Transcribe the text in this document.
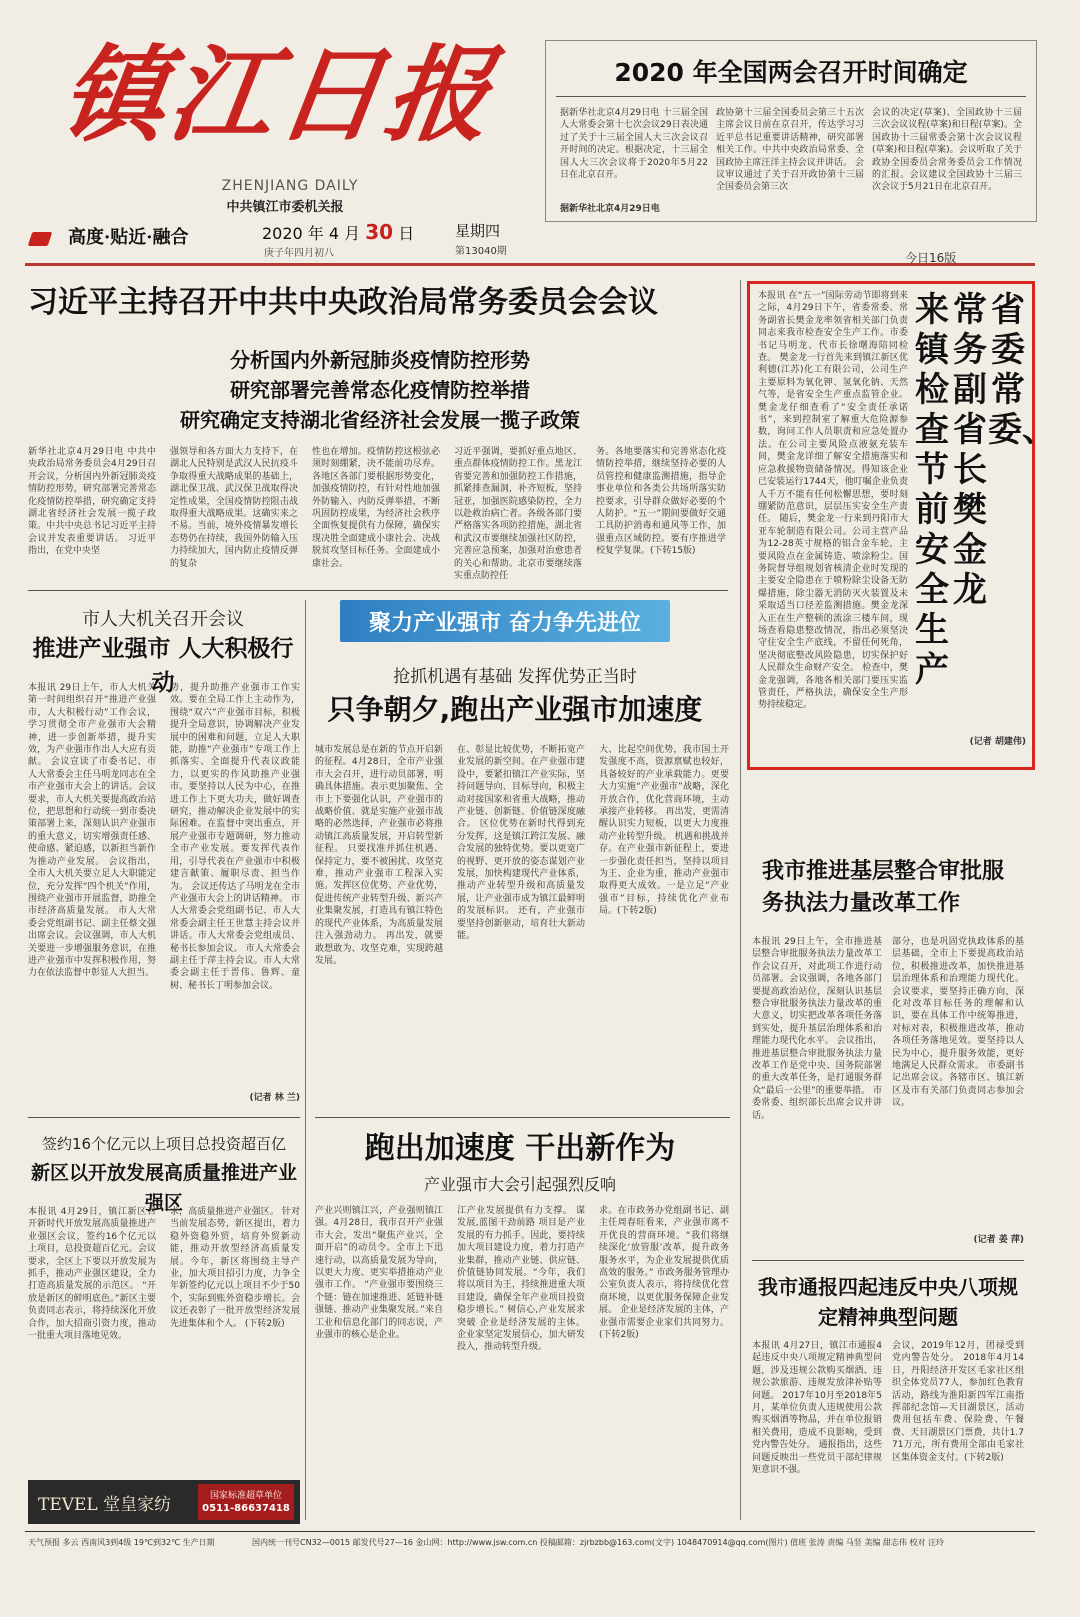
镇江日报
ZHENJIANG DAILY
中共镇江市委机关报
高度·贴近·融合	2020 年 4 月 30 日
庚子年四月初八
星期四
第13040期	今日16版
2020 年全国两会召开时间确定
据新华社北京4月29日电 十三届全国人大常委会第十七次会议29日表决通过了关于十三届全国人大三次会议召开时间的决定。根据决定，十三届全国人大三次会议将于2020年5月22日在北京召开。
据新华社北京4月29日电
政协第十三届全国委员会第三十五次主席会议日前在京召开，传达学习习近平总书记重要讲话精神，研究部署相关工作。中共中央政治局常委、全国政协主席汪洋主持会议并讲话。 会议审议通过了关于召开政协第十三届全国委员会第三次
会议的决定(草案)、全国政协十三届三次会议议程(草案)和日程(草案)。全国政协十三届常委会第十次会议议程(草案)和日程(草案)。会议听取了关于政协全国委员会常务委员会工作情况的汇报。会议建议全国政协十三届三次会议于5月21日在北京召开。
习近平主持召开中共中央政治局常务委员会会议
分析国内外新冠肺炎疫情防控形势
研究部署完善常态化疫情防控举措
研究确定支持湖北省经济社会发展一揽子政策
新华社北京4月29日电 中共中央政治局常务委员会4月29日召开会议，分析国内外新冠肺炎疫情防控形势，研究部署完善常态化疫情防控举措，研究确定支持湖北省经济社会发展一揽子政策。中共中央总书记习近平主持会议并发表重要讲话。 习近平指出，在党中央坚
强领导和各方面大力支持下，在湖北人民特别是武汉人民抗疫斗争取得重大战略成果的基础上，湖北保卫战、武汉保卫战取得决定性成果，全国疫情防控阻击战取得重大战略成果。这确实来之不易。当前，境外疫情暴发增长态势仍在持续，我国外防输入压力持续加大，国内防止疫情反弹的复杂
性也在增加。疫情防控这根弦必须时刻绷紧，决不能前功尽弃。各地区各部门要根据形势变化，加强疫情防控，有针对性地加强外防输入、内防反弹举措，不断巩固防控成果，为经济社会秩序全面恢复提供有力保障，确保实现决胜全面建成小康社会、决战脱贫攻坚目标任务。全面建成小康社会。
习近平强调，要抓好重点地区、重点群体疫情防控工作。黑龙江省要完善和加强防控工作措施，抓紧排查漏洞，补齐短板，坚持冠亚，加强医院感染防控，全力以赴救治病亡者。各级各部门要严格落实各项防控措施，湖北省和武汉市要继续加强社区防控，完善应急预案，加强对治愈患者的关心和帮助。北京市要继续落实重点防控任
务。各地要落实和完善常态化疫情防控举措，继续坚持必要的人员管控和健康监测措施，指导企事业单位和各类公共场所落实防控要求，引导群众做好必要的个人防护。“五一”期间要做好交通工具防护消毒和通风等工作，加强重点区域防控。要有序推进学校复学复课。(下转15版)
本报讯 在“五一”国际劳动节即将到来之际，4月29日下午，省委常委、常务副省长樊金龙率领省相关部门负责同志来我市检查安全生产工作。市委书记马明龙、代市长徐曙海陪同检查。 樊金龙一行首先来到镇江新区优利德(江苏)化工有限公司，公司生产主要原料为氧化钾、氢氧化钠、天然气等，是省安全生产重点监管企业。樊金龙仔细查看了“安全责任承诺书”，来到控制室了解重大危险源参数，询问工作人员职责和应急处置办法。在公司主要风险点液氨充装车间，樊金龙详细了解安全措施落实和应急救援物资储备情况。得知该企业已安装运行1744天，他叮嘱企业负责人千万不能有任何松懈思想，要时刻绷紧防范意识，层层压实安全生产责任。 随后，樊金龙一行来到丹阳市大亚车轮制造有限公司。公司主营产品为12-28英寸规格的铝合金车轮，主要风险点在金属铸造、喷涂粉尘。国务院督导组规划省核清企业时发现的主要安全隐患在于喷粉除尘设备无防爆措施，除尘器无消防灭火装置及未采取适当口径差监测措施。樊金龙深入正在生产整顿的流涂三楼车间，现场查看隐患整改情况，指出必须坚决守住安全生产底线，不留任何死角，坚决彻底整改风险隐患，切实保护好人民群众生命财产安全。 检查中，樊金龙强调，各地各相关部门要压实监管责任，严格执法，确保安全生产形势持续稳定。
(记者 胡建伟)
省委常委、
常务副省长樊金龙
来镇检查节前安全生产
市人大机关召开会议
推进产业强市 人大积极行动
本报讯 29日上午，市人大机关第一时间组织召开“推进产业强市，人大积极行动”工作会议，学习贯彻全市产业强市大会精神，进一步创新举措，提升实效，为产业强市作出人大应有贡献。 会议宣读了市委书记、市人大常委会主任马明龙同志在全市产业强市大会上的讲话。会议要求，市人大机关要提高政治站位，把思想和行动统一到市委决策部署上来，深刻认识产业强市的重大意义，切实增强责任感、使命感、紧迫感，以新担当新作为推动产业发展。 会议指出，全市人大机关要立足人大职能定位，充分发挥“四个机关”作用，围绕产业强市开展监督，助推全市经济高质量发展。 市人大常委会党组副书记、副主任蔡文强出席会议。会议强调，市人大机关要进一步增强服务意识，在推进产业强市中发挥积极作用，努力在依法监督中彰显人大担当。
势，提升助推产业强市工作实效。要在全局工作上主动作为，围绕“双六”产业强市目标，积极提升全局意识，协调解决产业发展中的困难和问题，立足人大职能，助推“产业强市”专项工作上抓落实、全面提升代表议政能力，以更实的作风助推产业强市。要坚持以人民为中心，在推进工作上下更大功夫，做好调查研究，推动解决企业发展中的实际困难。在监督中突出重点，开展产业强市专题调研，努力推动全市产业发展。要发挥代表作用，引导代表在产业强市中积极建言献策、履职尽责、担当作为。 会议还传达了马明龙在全市产业强市大会上的讲话精神。 市人大常委会党组副书记、市人大常委会副主任王世慧主持会议并讲话。市人大常委会党组成员、秘书长参加会议。 市人大常委会副主任于萍主持会议。市人大常委会副主任于晋伟、鲁辉、童树、秘书长丁明参加会议。
(记者 林 兰)
聚力产业强市 奋力争先进位
抢抓机遇有基础 发挥优势正当时
只争朝夕,跑出产业强市加速度
城市发展总是在新的节点开启新的征程。4月28日，全市产业强市大会召开，进行动员部署，明确具体措施。表示更加聚焦、全市上下要强化认识，产业强市的战略价值、就是实施产业强市战略的必然选择，产业强市必将推动镇江高质量发展，开启转型新征程。 只要找准并抓住机遇、保持定力，要不被困扰、攻坚克难，推动产业强市工程深入实施。发挥区位优势、产业优势，促进传统产业转型升级、新兴产业集聚发展，打造具有镇江特色的现代产业体系，为高质量发展注入强劲动力。 再出发，就要敢想敢为、攻坚克难，实现跨越发展。
在、彰显比较优势，不断拓宽产业发展的新空间。在产业强市建设中，要紧扣镇江产业实际，坚持问题导向、目标导向，积极主动对接国家和省重大战略，推动产业链、创新链、价值链深度融合。 区位优势在新时代得到充分发挥，这是镇江跨江发展、融合发展的独特优势。要以更宽广的视野、更开放的姿态谋划产业发展，加快构建现代产业体系，推动产业转型升级和高质量发展，让产业强市成为镇江最鲜明的发展标识。 还有，产业强市要坚持创新驱动，培育壮大新动能。
大、比起空间优势，我市国土开发强度不高，资源禀赋也较好，具备较好的产业承载能力。更要大力实施“产业强市”战略，深化开放合作，优化营商环境，主动承接产业转移。 再出发，更需清醒认识实力短板，以更大力度推动产业转型升级。 机遇和挑战并存。在产业强市新征程上，要进一步强化责任担当，坚持以项目为王、企业为重，推动产业强市取得更大成效。一是立足“产业强市”目标，持续优化产业布局。(下转2版)
我市推进基层整合审批服务执法力量改革工作
本报讯 29日上午，全市推进基层整合审批服务执法力量改革工作会议召开，对此项工作进行动员部署。会议强调，各地各部门要提高政治站位，深刻认识基层整合审批服务执法力量改革的重大意义，切实把改革各项任务落到实处，提升基层治理体系和治理能力现代化水平。 会议指出，推进基层整合审批服务执法力量改革工作是党中央、国务院部署的重大改革任务，是打通服务群众“最后一公里”的重要举措。 市委常委、组织部长出席会议并讲话。
部分，也是巩固党执政体系的基层基础，全市上下要提高政治站位，积极推进改革，加快推进基层治理体系和治理能力现代化。会议要求，要坚持正确方向，深化对改革目标任务的理解和认识，要在具体工作中统筹推进，对标对表，积极推进改革，推动各项任务落地见效。要坚持以人民为中心，提升服务效能，更好地满足人民群众需求。 市委副书记出席会议。各辖市区、镇江新区及市有关部门负责同志参加会议。
(记者 姜 萍)
签约16个亿元以上项目总投资超百亿
新区以开放发展高质量推进产业强区
本报讯 4月29日，镇江新区召开新时代开放发展高质量推进产业强区会议，签约16个亿元以上项目，总投资超百亿元。会议要求，全区上下要以开放发展为抓手，推动产业强区建设，全力打造高质量发展的示范区。 “开放是新区的鲜明底色。”新区主要负责同志表示，将持续深化开放合作，加大招商引资力度，推动一批重大项目落地见效。
求，高质量推进产业强区。 针对当前发展态势，新区提出，着力稳外资稳外贸，培育外贸新动能，推动开放型经济高质量发展。今年，新区将围绕主导产业，加大项目招引力度，力争全年新签约亿元以上项目不少于50个，实际到账外资稳步增长。会议还表彰了一批开放型经济发展先进集体和个人。 (下转2版)
TEVEL 堂皇家纺	国家标准超草单位
0511-86637418
跑出加速度 干出新作为
产业强市大会引起强烈反响
产业兴则镇江兴，产业强则镇江强。4月28日，我市召开产业强市大会，发出“聚焦产业兴，全面开启”的动员令。全市上下迅速行动，以高质量发展为导向，以更大力度、更实举措推动产业强市工作。 “产业强市要围绕三个链：链在加速推进、延链补链强链、推动产业集聚发展。”来自工业和信息化部门的同志说，产业强市的核心是企业。
江产业发展提供有力支撑。 谋发展,蓝图干劲前路 项目是产业发展的有力抓手。因此，要持续加大项目建设力度，着力打造产业集群，推动产业链、供应链、价值链协同发展。“今年，我们将以项目为王，持续推进重大项目建设，确保全年产业项目投资稳步增长。” 树信心,产业发展求突破 企业是经济发展的主体。企业家坚定发展信心，加大研发投入，推动转型升级。
求。在市政务办党组副书记、副主任周春旺看来，产业强市离不开优良的营商环境。“我们将继续深化‘放管服’改革，提升政务服务水平，为企业发展提供优质高效的服务。” 市政务服务管理办公室负责人表示，将持续优化营商环境，以更优服务保障企业发展。 企业是经济发展的主体，产业强市需要企业家们共同努力。(下转2版)
我市通报四起违反中央八项规定精神典型问题
本报讯 4月27日，镇江市通报4起违反中央八项规定精神典型问题，涉及违规公款购买烟酒、违规公款旅游、违规发放津补贴等问题。 2017年10月至2018年5月，某单位负责人违规使用公款购买烟酒等物品，并在单位报销相关费用，造成不良影响，受到党内警告处分。 通报指出，这些问题反映出一些党员干部纪律规矩意识不强。
会议，2019年12月，团禄受到党内警告处分。 2018年4月14日，丹阳经济开发区毛家社区组织全体党员77人，参加红色教育活动，路线为淮阳新四军江南指挥部纪念馆—天目湖景区，活动费用包括车费、保险费、午餐费、天目湖景区门票费，共计1.771万元，所有费用全部由毛家社区集体资金支付。(下转2版)
天气预报 多云 西南风3到4级 19℃到32℃ 生产日期	国内统一刊号CN32—0015 邮发代号27—16 金山网：http://www.jsw.com.cn 投稿邮箱：zjrbzbb@163.com(文字) 1048470914@qq.com(图片) 值班 张涛 责编 马竖 美编 甜志伟 校对 汪玲
